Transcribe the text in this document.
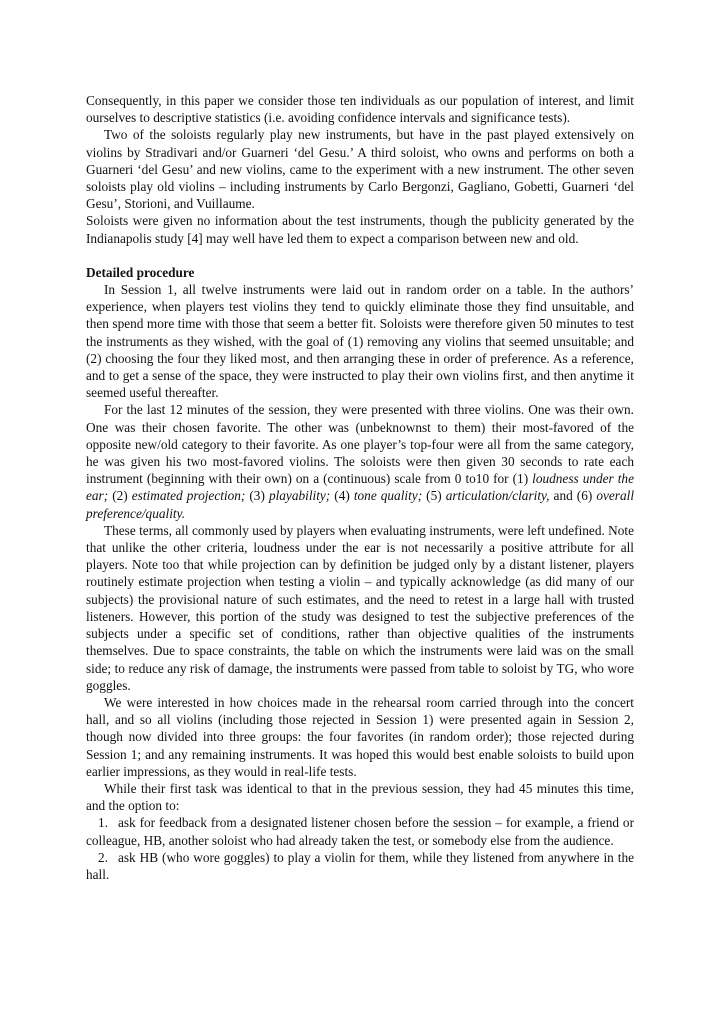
Consequently, in this paper we consider those ten individuals as our population of interest, and limit ourselves to descriptive statistics (i.e. avoiding confidence intervals and significance tests).

Two of the soloists regularly play new instruments, but have in the past played extensively on violins by Stradivari and/or Guarneri ‘del Gesu.’ A third soloist, who owns and performs on both a Guarneri ‘del Gesu’ and new violins, came to the experiment with a new instrument. The other seven soloists play old violins – including instruments by Carlo Bergonzi, Gagliano, Gobetti, Guarneri ‘del Gesu’, Storioni, and Vuillaume.

Soloists were given no information about the test instruments, though the publicity generated by the Indianapolis study [4] may well have led them to expect a comparison between new and old.

Detailed procedure

In Session 1, all twelve instruments were laid out in random order on a table. In the authors’ experience, when players test violins they tend to quickly eliminate those they find unsuitable, and then spend more time with those that seem a better fit. Soloists were therefore given 50 minutes to test the instruments as they wished, with the goal of (1) removing any violins that seemed unsuitable; and (2) choosing the four they liked most, and then arranging these in order of preference. As a reference, and to get a sense of the space, they were instructed to play their own violins first, and then anytime it seemed useful thereafter.

For the last 12 minutes of the session, they were presented with three violins. One was their own. One was their chosen favorite. The other was (unbeknownst to them) their most-favored of the opposite new/old category to their favorite. As one player’s top-four were all from the same category, he was given his two most-favored violins. The soloists were then given 30 seconds to rate each instrument (beginning with their own) on a (continuous) scale from 0 to10 for (1) loudness under the ear; (2) estimated projection; (3) playability; (4) tone quality; (5) articulation/clarity, and (6) overall preference/quality.

These terms, all commonly used by players when evaluating instruments, were left undefined. Note that unlike the other criteria, loudness under the ear is not necessarily a positive attribute for all players. Note too that while projection can by definition be judged only by a distant listener, players routinely estimate projection when testing a violin – and typically acknowledge (as did many of our subjects) the provisional nature of such estimates, and the need to retest in a large hall with trusted listeners. However, this portion of the study was designed to test the subjective preferences of the subjects under a specific set of conditions, rather than objective qualities of the instruments themselves. Due to space constraints, the table on which the instruments were laid was on the small side; to reduce any risk of damage, the instruments were passed from table to soloist by TG, who wore goggles.

We were interested in how choices made in the rehearsal room carried through into the concert hall, and so all violins (including those rejected in Session 1) were presented again in Session 2, though now divided into three groups: the four favorites (in random order); those rejected during Session 1; and any remaining instruments. It was hoped this would best enable soloists to build upon earlier impressions, as they would in real-life tests.

While their first task was identical to that in the previous session, they had 45 minutes this time, and the option to:

1. ask for feedback from a designated listener chosen before the session – for example, a friend or colleague, HB, another soloist who had already taken the test, or somebody else from the audience.

2. ask HB (who wore goggles) to play a violin for them, while they listened from anywhere in the hall.
